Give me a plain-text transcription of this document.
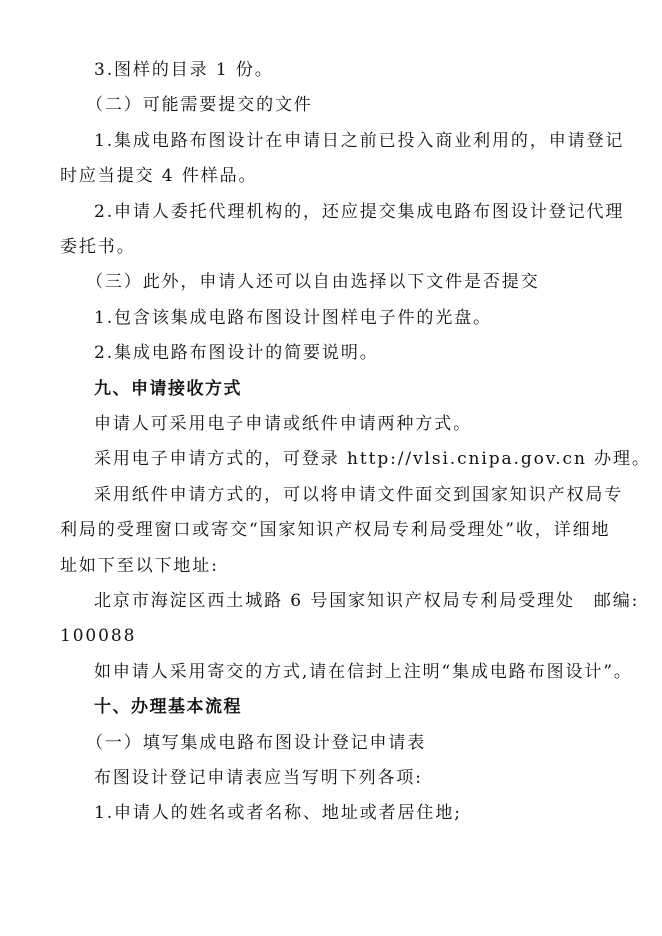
3.图样的目录 1 份。
（二）可能需要提交的文件
1.集成电路布图设计在申请日之前已投入商业利用的，申请登记
时应当提交 4 件样品。
2.申请人委托代理机构的，还应提交集成电路布图设计登记代理
委托书。
（三）此外，申请人还可以自由选择以下文件是否提交
1.包含该集成电路布图设计图样电子件的光盘。
2.集成电路布图设计的简要说明。
九、申请接收方式
申请人可采用电子申请或纸件申请两种方式。
采用电子申请方式的，可登录 http://vlsi.cnipa.gov.cn 办理。
采用纸件申请方式的，可以将申请文件面交到国家知识产权局专
利局的受理窗口或寄交“国家知识产权局专利局受理处”收，详细地
址如下至以下地址:
北京市海淀区西土城路 6 号国家知识产权局专利局受理处　邮编:
100088
如申请人采用寄交的方式,请在信封上注明“集成电路布图设计”。
十、办理基本流程
（一）填写集成电路布图设计登记申请表
布图设计登记申请表应当写明下列各项:
1.申请人的姓名或者名称、地址或者居住地;
